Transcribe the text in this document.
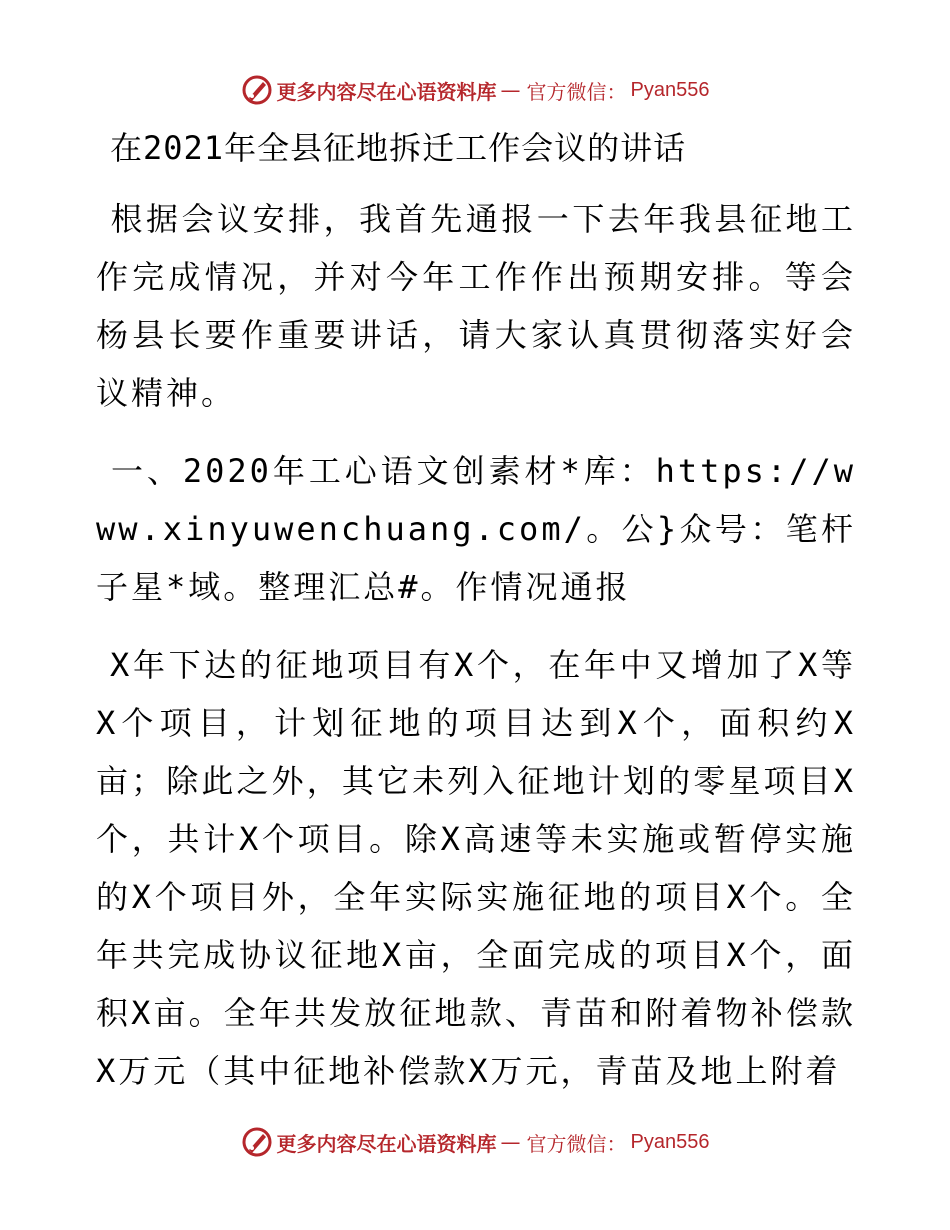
更多内容尽在心语资料库 — 官方微信： Pyan556
在2021年全县征地拆迁工作会议的讲话

根据会议安排，我首先通报一下去年我县征地工作完成情况，并对今年工作作出预期安排。等会杨县长要作重要讲话，请大家认真贯彻落实好会议精神。

一、2020年工心语文创素材*库：https://www.xinyuwenchuang.com/。公}众号：笔杆子星*域。整理汇总#。作情况通报

X年下达的征地项目有X个，在年中又增加了X等X个项目，计划征地的项目达到X个，面积约X亩；除此之外，其它未列入征地计划的零星项目X个，共计X个项目。除X高速等未实施或暂停实施的X个项目外，全年实际实施征地的项目X个。全年共完成协议征地X亩，全面完成的项目X个，面积X亩。全年共发放征地款、青苗和附着物补偿款X万元（其中征地补偿款X万元，青苗及地上附着

更多内容尽在心语资料库 — 官方微信： Pyan556
